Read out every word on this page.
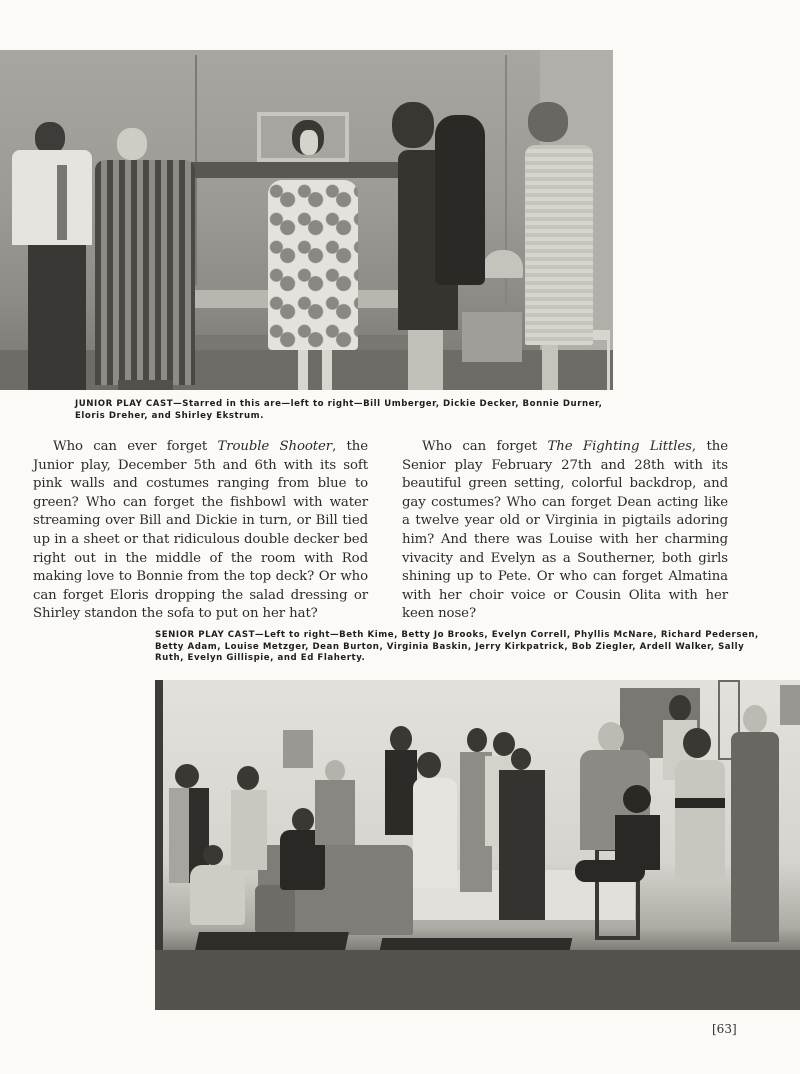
JUNIOR PLAY CAST—Starred in this are—left to right—Bill Umberger, Dickie Decker, Bonnie Durner, Eloris Dreher, and Shirley Ekstrum.
Who can ever forget Trouble Shooter, the Junior play, December 5th and 6th with its soft pink walls and costumes ranging from blue to green? Who can forget the fishbowl with water streaming over Bill and Dickie in turn, or Bill tied up in a sheet or that ridiculous double decker bed right out in the middle of the room with Rod making love to Bonnie from the top deck? Or who can forget Eloris dropping the salad dressing or Shirley standon the sofa to put on her hat?
Who can forget The Fighting Littles, the Senior play February 27th and 28th with its beautiful green setting, colorful backdrop, and gay costumes? Who can forget Dean acting like a twelve year old or Virginia in pigtails adoring him? And there was Louise with her charming vivacity and Evelyn as a Southerner, both girls shining up to Pete. Or who can forget Almatina with her choir voice or Cousin Olita with her keen nose?
SENIOR PLAY CAST—Left to right—Beth Kime, Betty Jo Brooks, Evelyn Correll, Phyllis McNare, Richard Pedersen, Betty Adam, Louise Metzger, Dean Burton, Virginia Baskin, Jerry Kirkpatrick, Bob Ziegler, Ardell Walker, Sally Ruth, Evelyn Gillispie, and Ed Flaherty.
[63]
